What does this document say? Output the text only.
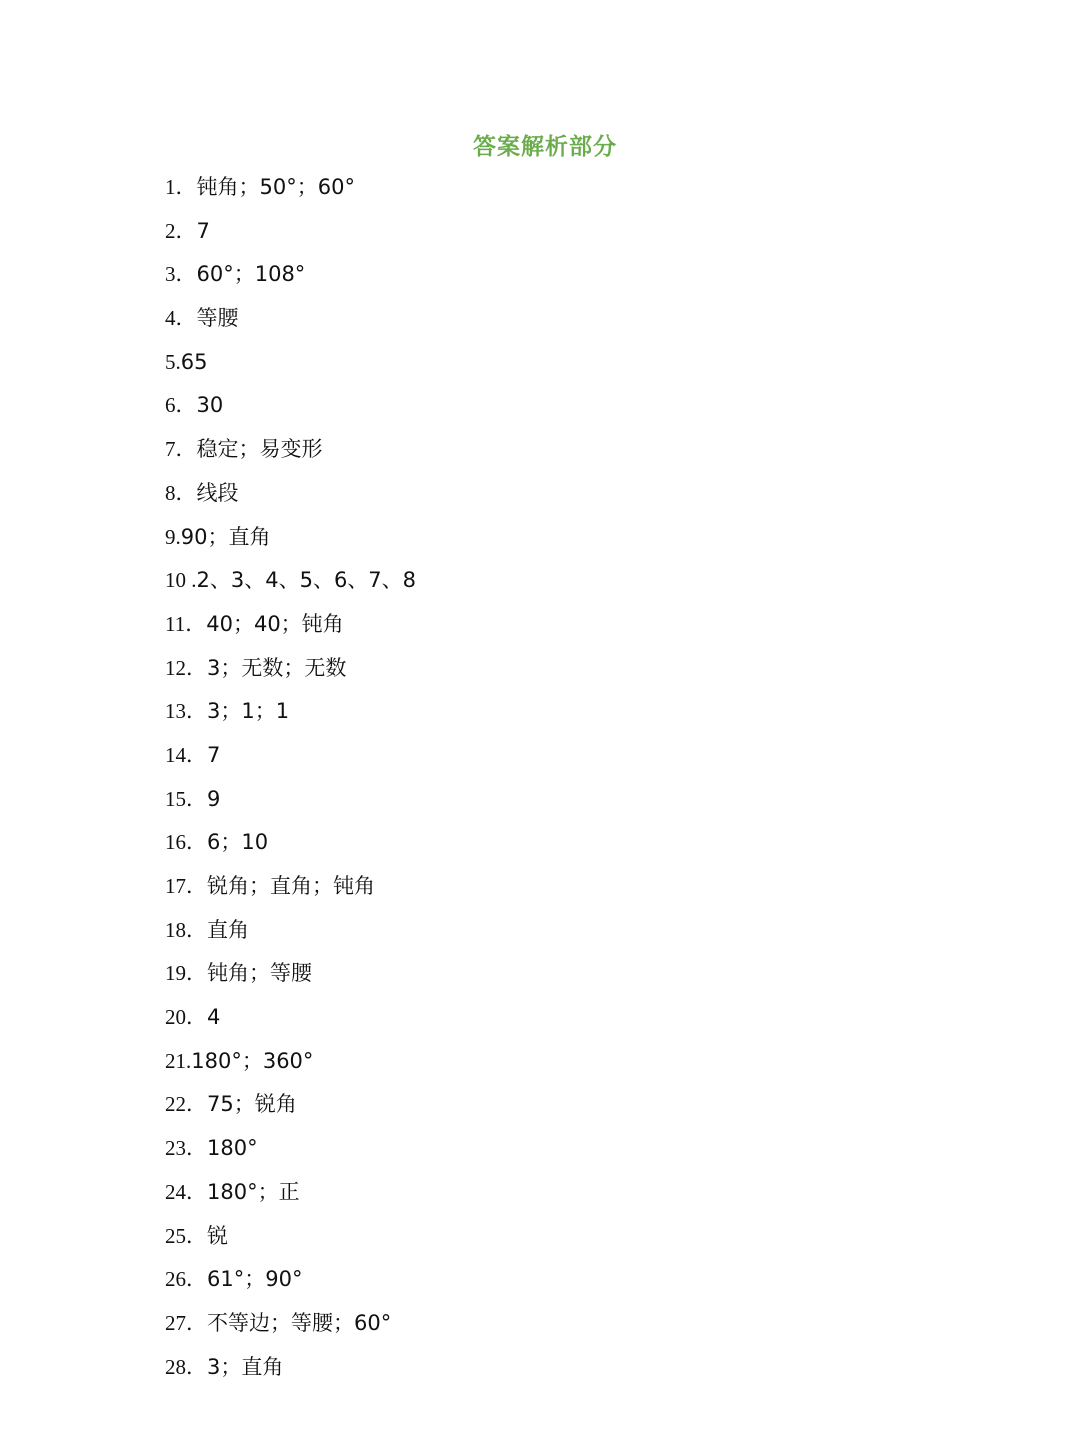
答案解析部分
1．钝角；50°；60°
2．7
3．60°；108°
4．等腰
5.65
6．30
7．稳定；易变形
8．线段
9.90；直角
10 .2、3、4、5、6、7、8
11．40；40；钝角
12．3；无数；无数
13．3；1；1
14．7
15．9
16．6；10
17．锐角；直角；钝角
18．直角
19．钝角；等腰
20．4
21.180°；360°
22．75；锐角
23．180°
24．180°；正
25．锐
26．61°；90°
27．不等边；等腰；60°
28．3；直角
